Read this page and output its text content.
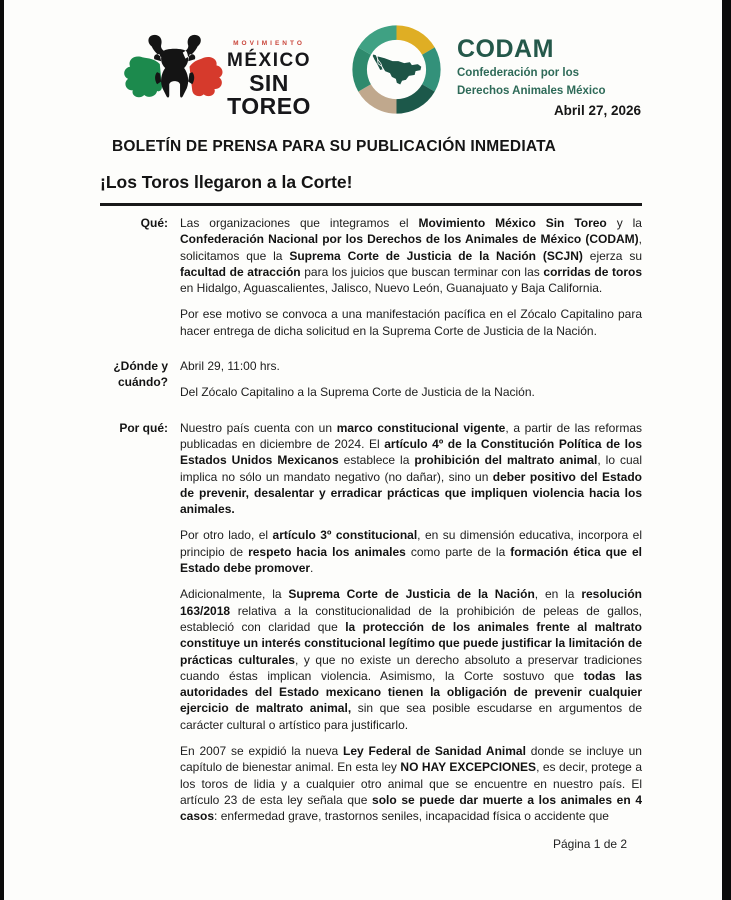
MOVIMIENTO
MÉXICO
SIN TOREO
CODAM
Confederación por los
Derechos Animales México
Abril 27, 2026
BOLETÍN DE PRENSA PARA SU PUBLICACIÓN INMEDIATA
¡Los Toros llegaron a la Corte!
Qué: Las organizaciones que integramos el Movimiento México Sin Toreo y la Confederación Nacional por los Derechos de los Animales de México (CODAM), solicitamos que la Suprema Corte de Justicia de la Nación (SCJN) ejerza su facultad de atracción para los juicios que buscan terminar con las corridas de toros en Hidalgo, Aguascalientes, Jalisco, Nuevo León, Guanajuato y Baja California.

Por ese motivo se convoca a una manifestación pacífica en el Zócalo Capitalino para hacer entrega de dicha solicitud en la Suprema Corte de Justicia de la Nación.

¿Dónde y cuándo?

Abril 29, 11:00 hrs.

Del Zócalo Capitalino a la Suprema Corte de Justicia de la Nación.

Por qué: Nuestro país cuenta con un marco constitucional vigente, a partir de las reformas publicadas en diciembre de 2024. El artículo 4º de la Constitución Política de los Estados Unidos Mexicanos establece la prohibición del maltrato animal, lo cual implica no sólo un mandato negativo (no dañar), sino un deber positivo del Estado de prevenir, desalentar y erradicar prácticas que impliquen violencia hacia los animales.

Por otro lado, el artículo 3º constitucional, en su dimensión educativa, incorpora el principio de respeto hacia los animales como parte de la formación ética que el Estado debe promover.

Adicionalmente, la Suprema Corte de Justicia de la Nación, en la resolución 163/2018 relativa a la constitucionalidad de la prohibición de peleas de gallos, estableció con claridad que la protección de los animales frente al maltrato constituye un interés constitucional legítimo que puede justificar la limitación de prácticas culturales, y que no existe un derecho absoluto a preservar tradiciones cuando éstas implican violencia. Asimismo, la Corte sostuvo que todas las autoridades del Estado mexicano tienen la obligación de prevenir cualquier ejercicio de maltrato animal, sin que sea posible escudarse en argumentos de carácter cultural o artístico para justificarlo.

En 2007 se expidió la nueva Ley Federal de Sanidad Animal donde se incluye un capítulo de bienestar animal. En esta ley NO HAY EXCEPCIONES, es decir, protege a los toros de lidia y a cualquier otro animal que se encuentre en nuestro país. El artículo 23 de esta ley señala que solo se puede dar muerte a los animales en 4 casos: enfermedad grave, trastornos seniles, incapacidad física o accidente que

Página 1 de 2
